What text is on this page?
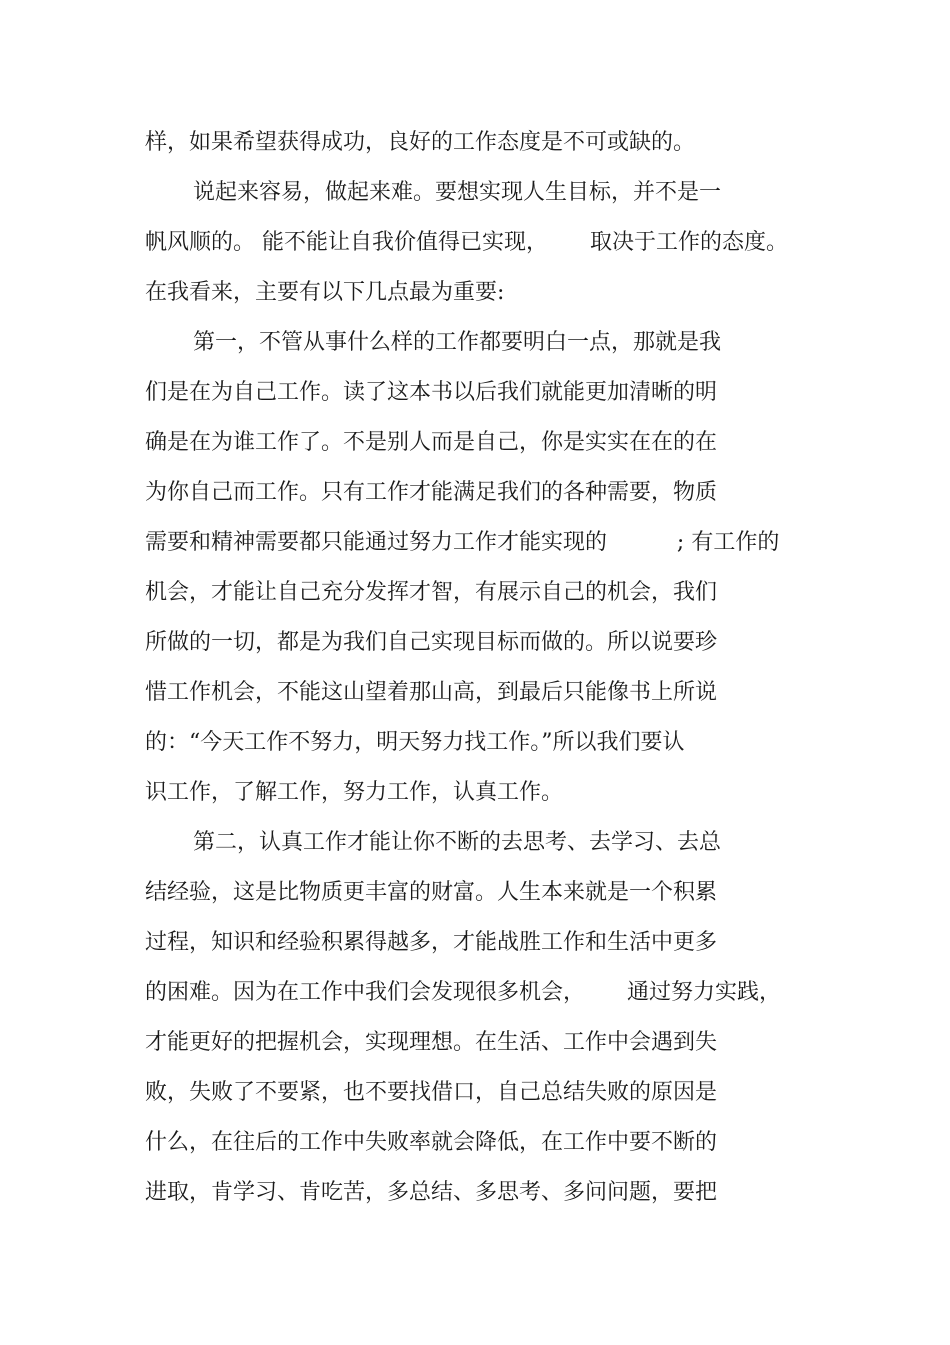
样，如果希望获得成功，良好的工作态度是不可或缺的。
说起来容易，做起来难。要想实现人生目标，并不是一
帆风顺的。 能不能让自我价值得已实现，      取决于工作的态度。
在我看来，主要有以下几点最为重要:
第一，不管从事什么样的工作都要明白一点，那就是我
们是在为自己工作。读了这本书以后我们就能更加清晰的明
确是在为谁工作了。不是别人而是自己，你是实实在在的在
为你自己而工作。只有工作才能满足我们的各种需要，物质
需要和精神需要都只能通过努力工作才能实现的          ; 有工作的
机会，才能让自己充分发挥才智，有展示自己的机会，我们
所做的一切，都是为我们自己实现目标而做的。所以说要珍
惜工作机会，不能这山望着那山高，到最后只能像书上所说
的：“今天工作不努力，明天努力找工作。”所以我们要认
识工作，了解工作，努力工作，认真工作。
第二，认真工作才能让你不断的去思考、去学习、去总
结经验，这是比物质更丰富的财富。人生本来就是一个积累
过程，知识和经验积累得越多，才能战胜工作和生活中更多
的困难。因为在工作中我们会发现很多机会，      通过努力实践，
才能更好的把握机会，实现理想。在生活、工作中会遇到失
败，失败了不要紧，也不要找借口，自己总结失败的原因是
什么，在往后的工作中失败率就会降低，在工作中要不断的
进取，肯学习、肯吃苦，多总结、多思考、多问问题，要把
